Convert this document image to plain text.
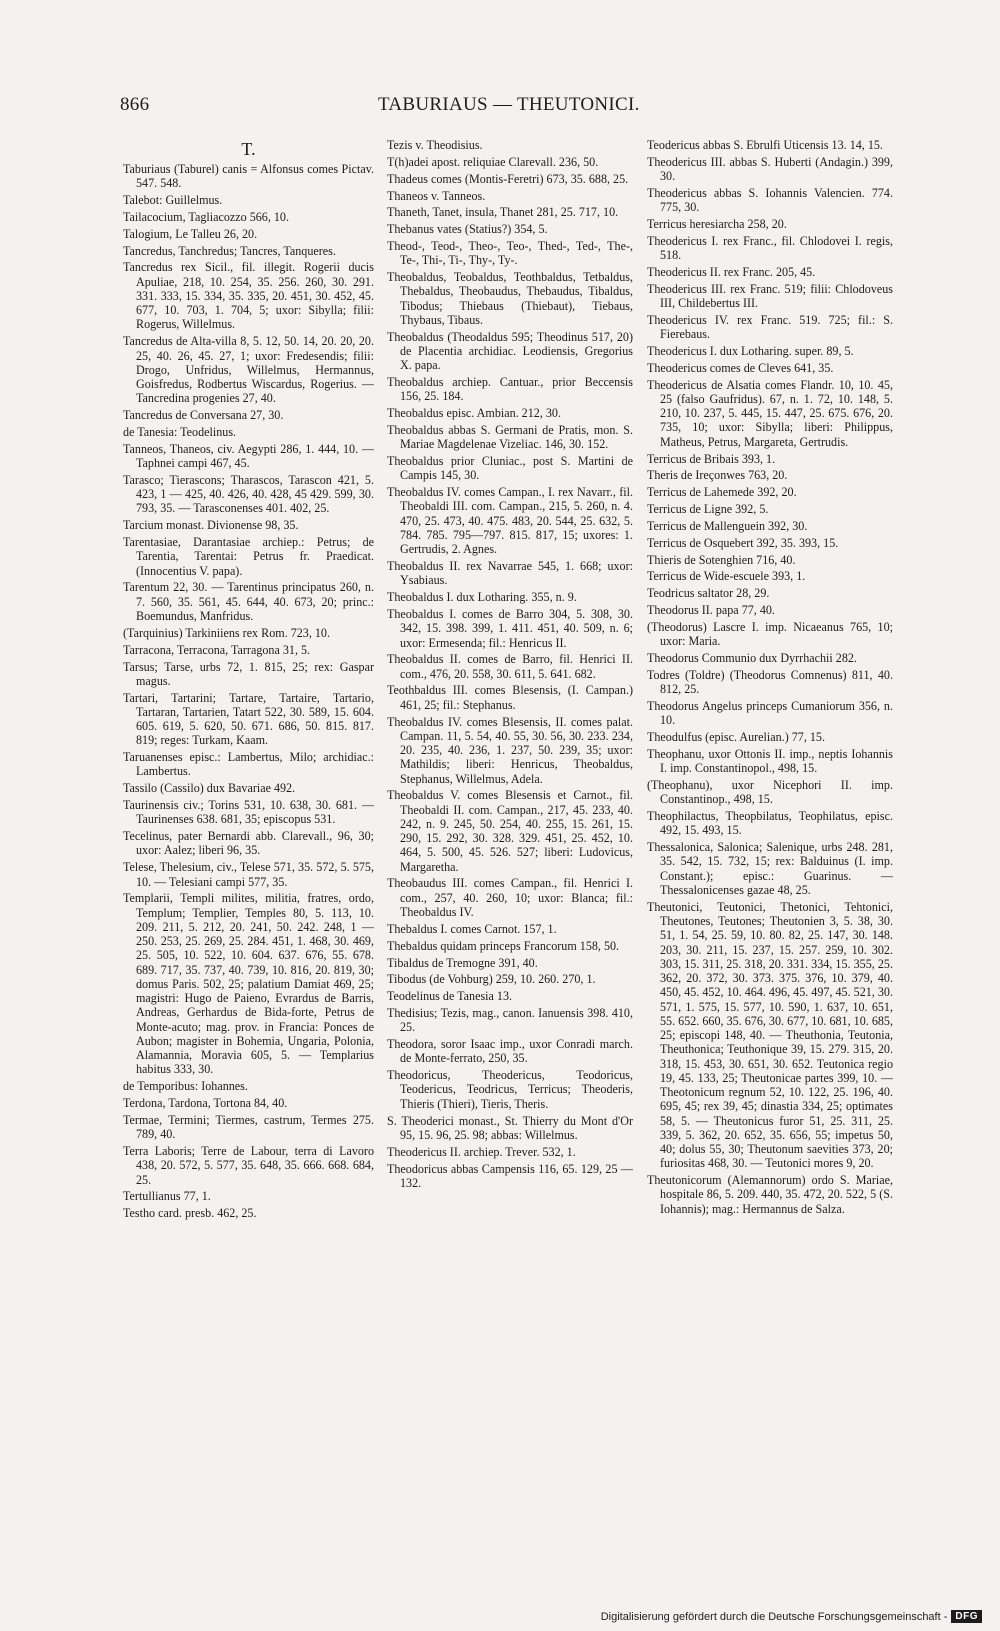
866	TABURIAUS — THEUTONICI.
T.
Taburiaus (Taburel) canis = Alfonsus comes Pictav. 547. 548.
Talebot: Guillelmus.
Tailacocium, Tagliacozzo 566, 10.
Talogium, Le Talleu 26, 20.
Tancredus, Tanchredus; Tancres, Tanqueres.
Tancredus rex Sicil., fil. illegit. Rogerii ducis Apuliae, 218, 10. 254, 35. 256. 260, 30. 291. 331. 333, 15. 334, 35. 335, 20. 451, 30. 452, 45. 677, 10. 703, 1. 704, 5; uxor: Sibylla; filii: Rogerus, Willelmus.
Tancredus de Alta-villa 8, 5. 12, 50. 14, 20. 20, 20. 25, 40. 26, 45. 27, 1; uxor: Fredesendis; filii: Drogo, Unfridus, Willelmus, Hermannus, Goisfredus, Rodbertus Wiscardus, Rogerius. — Tancredina progenies 27, 40.
Tancredus de Conversana 27, 30.
de Tanesia: Teodelinus.
Tanneos, Thaneos, civ. Aegypti 286, 1. 444, 10. — Taphnei campi 467, 45.
Tarasco; Tierascons; Tharascos, Tarascon 421, 5. 423, 1 — 425, 40. 426, 40. 428, 45 429. 599, 30. 793, 35. — Tarasconenses 401. 402, 25.
Tarcium monast. Divionense 98, 35.
Tarentasiae, Darantasiae archiep.: Petrus; de Tarentia, Tarentai: Petrus fr. Praedicat. (Innocentius V. papa).
Tarentum 22, 30. — Tarentinus principatus 260, n. 7. 560, 35. 561, 45. 644, 40. 673, 20; princ.: Boemundus, Manfridus.
(Tarquinius) Tarkiniiens rex Rom. 723, 10.
Tarracona, Terracona, Tarragona 31, 5.
Tarsus; Tarse, urbs 72, 1. 815, 25; rex: Gaspar magus.
Tartari, Tartarini; Tartare, Tartaire, Tartario, Tartaran, Tartarien, Tatart 522, 30. 589, 15. 604. 605. 619, 5. 620, 50. 671. 686, 50. 815. 817. 819; reges: Turkam, Kaam.
Taruanenses episc.: Lambertus, Milo; archidiac.: Lambertus.
Tassilo (Cassilo) dux Bavariae 492.
Taurinensis civ.; Torins 531, 10. 638, 30. 681. — Taurinenses 638. 681, 35; episcopus 531.
Tecelinus, pater Bernardi abb. Clarevall., 96, 30; uxor: Aalez; liberi 96, 35.
Telese, Thelesium, civ., Telese 571, 35. 572, 5. 575, 10. — Telesiani campi 577, 35.
Templarii, Templi milites, militia, fratres, ordo, Templum; Templier, Temples 80, 5. 113, 10. 209. 211, 5. 212, 20. 241, 50. 242. 248, 1 — 250. 253, 25. 269, 25. 284. 451, 1. 468, 30. 469, 25. 505, 10. 522, 10. 604. 637. 676, 55. 678. 689. 717, 35. 737, 40. 739, 10. 816, 20. 819, 30; domus Paris. 502, 25; palatium Damiat 469, 25; magistri: Hugo de Paieno, Evrardus de Barris, Andreas, Gerhardus de Bida-forte, Petrus de Monte-acuto; mag. prov. in Francia: Ponces de Aubon; magister in Bohemia, Ungaria, Polonia, Alamannia, Moravia 605, 5. — Templarius habitus 333, 30.
de Temporibus: Iohannes.
Terdona, Tardona, Tortona 84, 40.
Termae, Termini; Tiermes, castrum, Termes 275. 789, 40.
Terra Laboris; Terre de Labour, terra di Lavoro 438, 20. 572, 5. 577, 35. 648, 35. 666. 668. 684, 25.
Tertullianus 77, 1.
Testho card. presb. 462, 25.
Tezis v. Theodisius.
T(h)adei apost. reliquiae Clarevall. 236, 50.
Thadeus comes (Montis-Feretri) 673, 35. 688, 25.
Thaneos v. Tanneos.
Thaneth, Tanet, insula, Thanet 281, 25. 717, 10.
Thebanus vates (Statius?) 354, 5.
Theod-, Teod-, Theo-, Teo-, Thed-, Ted-, The-, Te-, Thi-, Ti-, Thy-, Ty-.
Theobaldus, Teobaldus, Teothbaldus, Tetbaldus, Thebaldus, Theobaudus, Thebaudus, Tibaldus, Tibodus; Thiebaus (Thiebaut), Tiebaus, Thybaus, Tibaus.
Theobaldus (Theodaldus 595; Theodinus 517, 20) de Placentia archidiac. Leodiensis, Gregorius X. papa.
Theobaldus archiep. Cantuar., prior Beccensis 156, 25. 184.
Theobaldus episc. Ambian. 212, 30.
Theobaldus abbas S. Germani de Pratis, mon. S. Mariae Magdelenae Vizeliac. 146, 30. 152.
Theobaldus prior Cluniac., post S. Martini de Campis 145, 30.
Theobaldus IV. comes Campan., I. rex Navarr., fil. Theobaldi III. com. Campan., 215, 5. 260, n. 4. 470, 25. 473, 40. 475. 483, 20. 544, 25. 632, 5. 784. 785. 795—797. 815. 817, 15; uxores: 1. Gertrudis, 2. Agnes.
Theobaldus II. rex Navarrae 545, 1. 668; uxor: Ysabiaus.
Theobaldus I. dux Lotharing. 355, n. 9.
Theobaldus I. comes de Barro 304, 5. 308, 30. 342, 15. 398. 399, 1. 411. 451, 40. 509, n. 6; uxor: Ermesenda; fil.: Henricus II.
Theobaldus II. comes de Barro, fil. Henrici II. com., 476, 20. 558, 30. 611, 5. 641. 682.
Teothbaldus III. comes Blesensis, (I. Campan.) 461, 25; fil.: Stephanus.
Theobaldus IV. comes Blesensis, II. comes palat. Campan. 11, 5. 54, 40. 55, 30. 56, 30. 233. 234, 20. 235, 40. 236, 1. 237, 50. 239, 35; uxor: Mathildis; liberi: Henricus, Theobaldus, Stephanus, Willelmus, Adela.
Theobaldus V. comes Blesensis et Carnot., fil. Theobaldi II. com. Campan., 217, 45. 233, 40. 242, n. 9. 245, 50. 254, 40. 255, 15. 261, 15. 290, 15. 292, 30. 328. 329. 451, 25. 452, 10. 464, 5. 500, 45. 526. 527; liberi: Ludovicus, Margaretha.
Theobaudus III. comes Campan., fil. Henrici I. com., 257, 40. 260, 10; uxor: Blanca; fil.: Theobaldus IV.
Thebaldus I. comes Carnot. 157, 1.
Thebaldus quidam princeps Francorum 158, 50.
Tibaldus de Tremogne 391, 40.
Tibodus (de Vohburg) 259, 10. 260. 270, 1.
Teodelinus de Tanesia 13.
Thedisius; Tezis, mag., canon. Ianuensis 398. 410, 25.
Theodora, soror Isaac imp., uxor Conradi march. de Monte-ferrato, 250, 35.
Theodoricus, Theodericus, Teodoricus, Teodericus, Teodricus, Terricus; Theoderis, Thieris (Thieri), Tieris, Theris.
S. Theoderici monast., St. Thierry du Mont d'Or 95, 15. 96, 25. 98; abbas: Willelmus.
Theodericus II. archiep. Trever. 532, 1.
Theodoricus abbas Campensis 116, 65. 129, 25 — 132.
Teodericus abbas S. Ebrulfi Uticensis 13. 14, 15.
Theodericus III. abbas S. Huberti (Andagin.) 399, 30.
Theodericus abbas S. Iohannis Valencien. 774. 775, 30.
Terricus heresiarcha 258, 20.
Theodericus I. rex Franc., fil. Chlodovei I. regis, 518.
Theodericus II. rex Franc. 205, 45.
Theodericus III. rex Franc. 519; filii: Chlodoveus III, Childebertus III.
Theodericus IV. rex Franc. 519. 725; fil.: S. Fierebaus.
Theodericus I. dux Lotharing. super. 89, 5.
Theodericus comes de Cleves 641, 35.
Theodericus de Alsatia comes Flandr. 10, 10. 45, 25 (falso Gaufridus). 67, n. 1. 72, 10. 148, 5. 210, 10. 237, 5. 445, 15. 447, 25. 675. 676, 20. 735, 10; uxor: Sibylla; liberi: Philippus, Matheus, Petrus, Margareta, Gertrudis.
Terricus de Bribais 393, 1.
Theris de Ireçonwes 763, 20.
Terricus de Lahemede 392, 20.
Terricus de Ligne 392, 5.
Terricus de Mallenguein 392, 30.
Terricus de Osquebert 392, 35. 393, 15.
Thieris de Sotenghien 716, 40.
Terricus de Wide-escuele 393, 1.
Teodricus saltator 28, 29.
Theodorus II. papa 77, 40.
(Theodorus) Lascre I. imp. Nicaeanus 765, 10; uxor: Maria.
Theodorus Communio dux Dyrrhachii 282.
Todres (Toldre) (Theodorus Comnenus) 811, 40. 812, 25.
Theodorus Angelus princeps Cumaniorum 356, n. 10.
Theodulfus (episc. Aurelian.) 77, 15.
Theophanu, uxor Ottonis II. imp., neptis Iohannis I. imp. Constantinopol., 498, 15.
(Theophanu), uxor Nicephori II. imp. Constantinop., 498, 15.
Theophilactus, Theopbilatus, Teophilatus, episc. 492, 15. 493, 15.
Thessalonica, Salonica; Salenique, urbs 248. 281, 35. 542, 15. 732, 15; rex: Balduinus (I. imp. Constant.); episc.: Guarinus. — Thessalonicenses gazae 48, 25.
Theutonici, Teutonici, Thetonici, Tehtonici, Theutones, Teutones; Theutonien 3, 5. 38, 30. 51, 1. 54, 25. 59, 10. 80. 82, 25. 147, 30. 148. 203, 30. 211, 15. 237, 15. 257. 259, 10. 302. 303, 15. 311, 25. 318, 20. 331. 334, 15. 355, 25. 362, 20. 372, 30. 373. 375. 376, 10. 379, 40. 450, 45. 452, 10. 464. 496, 45. 497, 45. 521, 30. 571, 1. 575, 15. 577, 10. 590, 1. 637, 10. 651, 55. 652. 660, 35. 676, 30. 677, 10. 681, 10. 685, 25; episcopi 148, 40. — Theuthonia, Teutonia, Theuthonica; Teuthonique 39, 15. 279. 315, 20. 318, 15. 453, 30. 651, 30. 652. Teutonica regio 19, 45. 133, 25; Theutonicae partes 399, 10. — Theotonicum regnum 52, 10. 122, 25. 196, 40. 695, 45; rex 39, 45; dinastia 334, 25; optimates 58, 5. — Theutonicus furor 51, 25. 311, 25. 339, 5. 362, 20. 652, 35. 656, 55; impetus 50, 40; dolus 55, 30; Theutonum saevities 373, 20; furiositas 468, 30. — Teutonici mores 9, 20.
Theutonicorum (Alemannorum) ordo S. Mariae, hospitale 86, 5. 209. 440, 35. 472, 20. 522, 5 (S. Iohannis); mag.: Hermannus de Salza.
Digitalisierung gefördert durch die Deutsche Forschungsgemeinschaft - DFG
